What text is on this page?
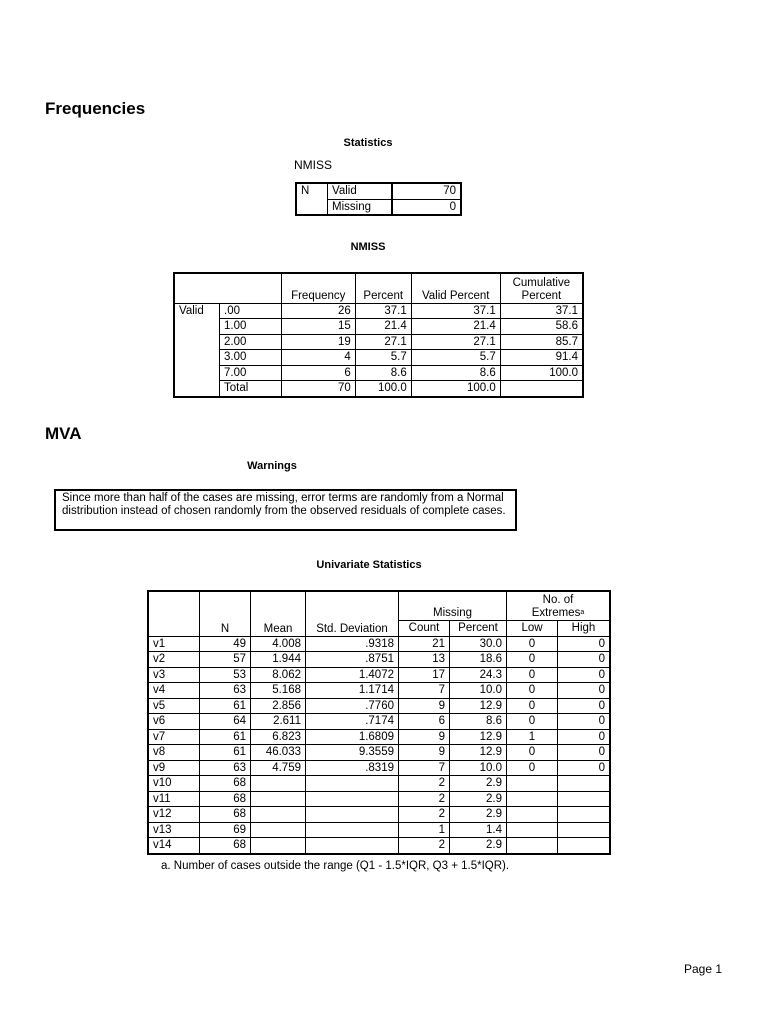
Frequencies
Statistics
NMISS
N	Valid	70
	Missing	0
NMISS
		Frequency	Percent	Valid Percent	Cumulative
Percent
Valid	.00	26	37.1	37.1	37.1
	1.00	15	21.4	21.4	58.6
	2.00	19	27.1	27.1	85.7
	3.00	4	5.7	5.7	91.4
	7.00	6	8.6	8.6	100.0
	Total	70	100.0	100.0	
MVA
Warnings
Since more than half of the cases are missing, error terms are randomly from a Normal distribution instead of chosen randomly from the observed residuals of complete cases.
Univariate Statistics
	N	Mean	Std. Deviation	Missing		No. of
Extremes$^a$
				Count	Percent	Low	High
v1	49	4.008	.9318	21	30.0	0	0
v2	57	1.944	.8751	13	18.6	0	0
v3	53	8.062	1.4072	17	24.3	0	0
v4	63	5.168	1.1714	7	10.0	0	0
v5	61	2.856	.7760	9	12.9	0	0
v6	64	2.611	.7174	6	8.6	0	0
v7	61	6.823	1.6809	9	12.9	1	0
v8	61	46.033	9.3559	9	12.9	0	0
v9	63	4.759	.8319	7	10.0	0	0
v10	68			2	2.9		
v11	68			2	2.9		
v12	68			2	2.9		
v13	69			1	1.4		
v14	68			2	2.9		
a. Number of cases outside the range (Q1 - 1.5*IQR, Q3 + 1.5*IQR).
Page 1
